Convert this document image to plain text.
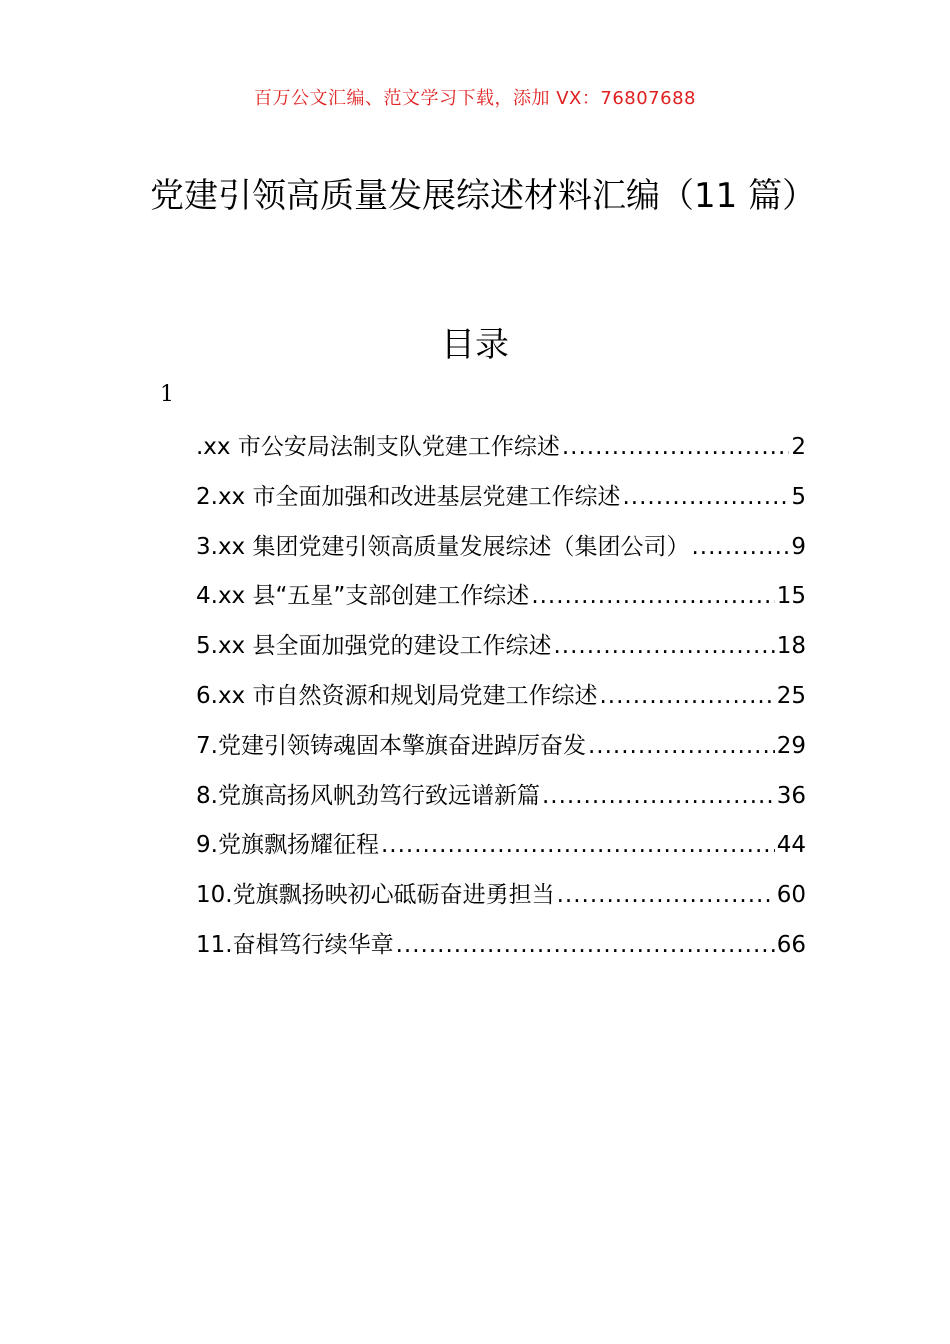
百万公文汇编、范文学习下载，添加 VX：76807688
党建引领高质量发展综述材料汇编（11 篇）
目录
1
.xx 市公安局法制支队党建工作综述 .....	2
2.xx 市全面加强和改进基层党建工作综述 .....	5
3.xx 集团党建引领高质量发展综述（集团公司） .....	9
4.xx 县“五星”支部创建工作综述 .....	15
5.xx 县全面加强党的建设工作综述 .....	18
6.xx 市自然资源和规划局党建工作综述 .....	25
7.党建引领铸魂固本擎旗奋进踔厉奋发 .....	29
8.党旗高扬风帆劲笃行致远谱新篇 .....	36
9.党旗飘扬耀征程 .....	44
10.党旗飘扬映初心砥砺奋进勇担当 .....	60
11.奋楫笃行续华章 .....	66
